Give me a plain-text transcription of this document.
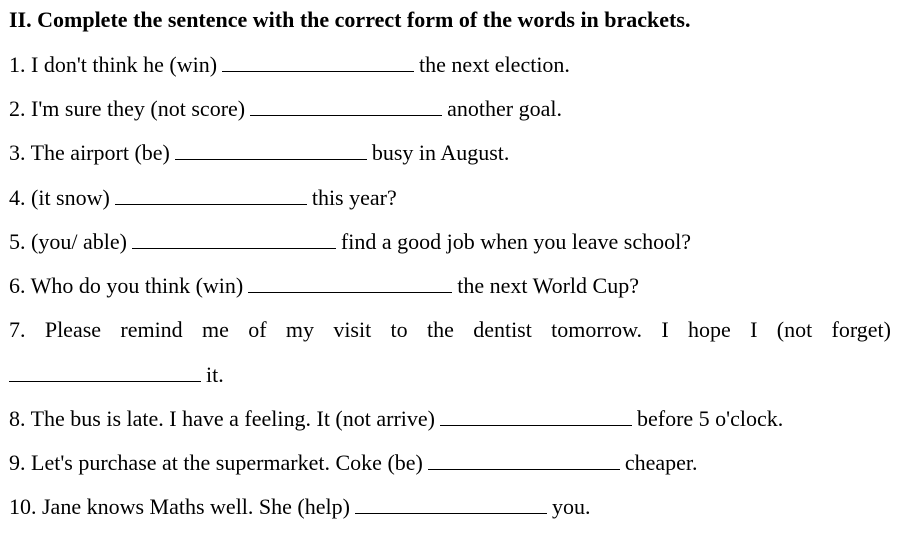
II. Complete the sentence with the correct form of the words in brackets.
1. I don't think he (win)	the next election.
2. I'm sure they (not score)	another goal.
3. The airport (be)	busy in August.
4. (it snow)	this year?
5. (you/ able)	find a good job when you leave school?
6. Who do you think (win)	the next World Cup?
7. Please remind me of my visit to the dentist tomorrow. I hope I (not forget)
it.
8. The bus is late. I have a feeling. It (not arrive)	before 5 o'clock.
9. Let's purchase at the supermarket. Coke (be)	cheaper.
10. Jane knows Maths well. She (help)	you.
